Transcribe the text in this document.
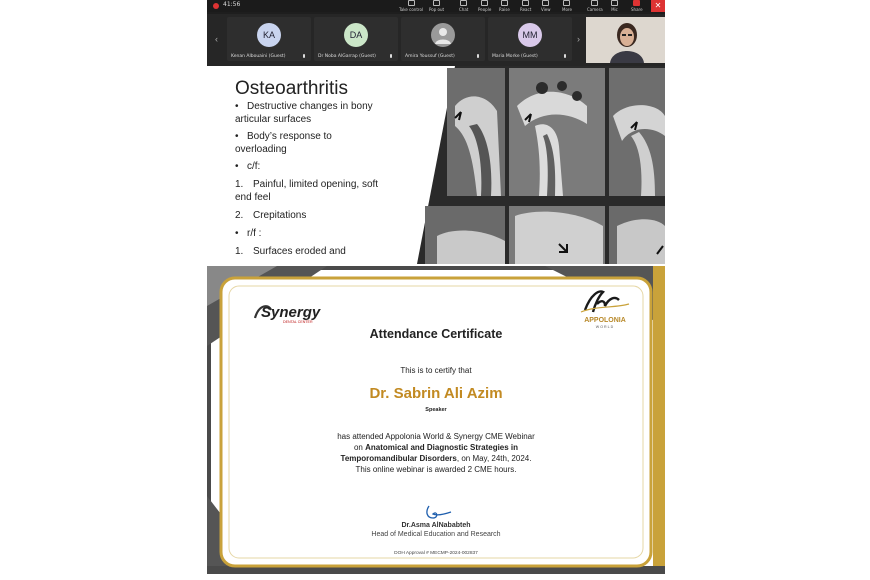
41:56
Take control Pop out	Chat People Raise	React View	More	Camera Mic	Share	✕
‹	KA
Kenan Albouaini (Guest)
DA
Dr Noba AlGarrap (Guest)	Amira Youssuf (Guest)
MM
Maria Morke (Guest)
›
Osteoarthritis
• Destructive changes in bony articular surfaces
• Body’s response to overloading
• c/f:
1. Painful, limited opening, soft end feel
2. Crepitations
• r/f :
1. Surfaces eroded and
Synergy
DENTAL CENTER	APPOLONIA
WORLD
Attendance Certificate
This is to certify that
Dr. Sabrin Ali Azim
Speaker
has attended Appolonia World & Synergy CME Webinar
on Anatomical and Diagnostic Strategies in
Temporomandibular Disorders, on May, 24th, 2024.
This online webinar is awarded 2 CME hours.
Dr.Asma AlNababteh
Head of Medical Education and Research
DOH Approval # MECMP-2024-002837
